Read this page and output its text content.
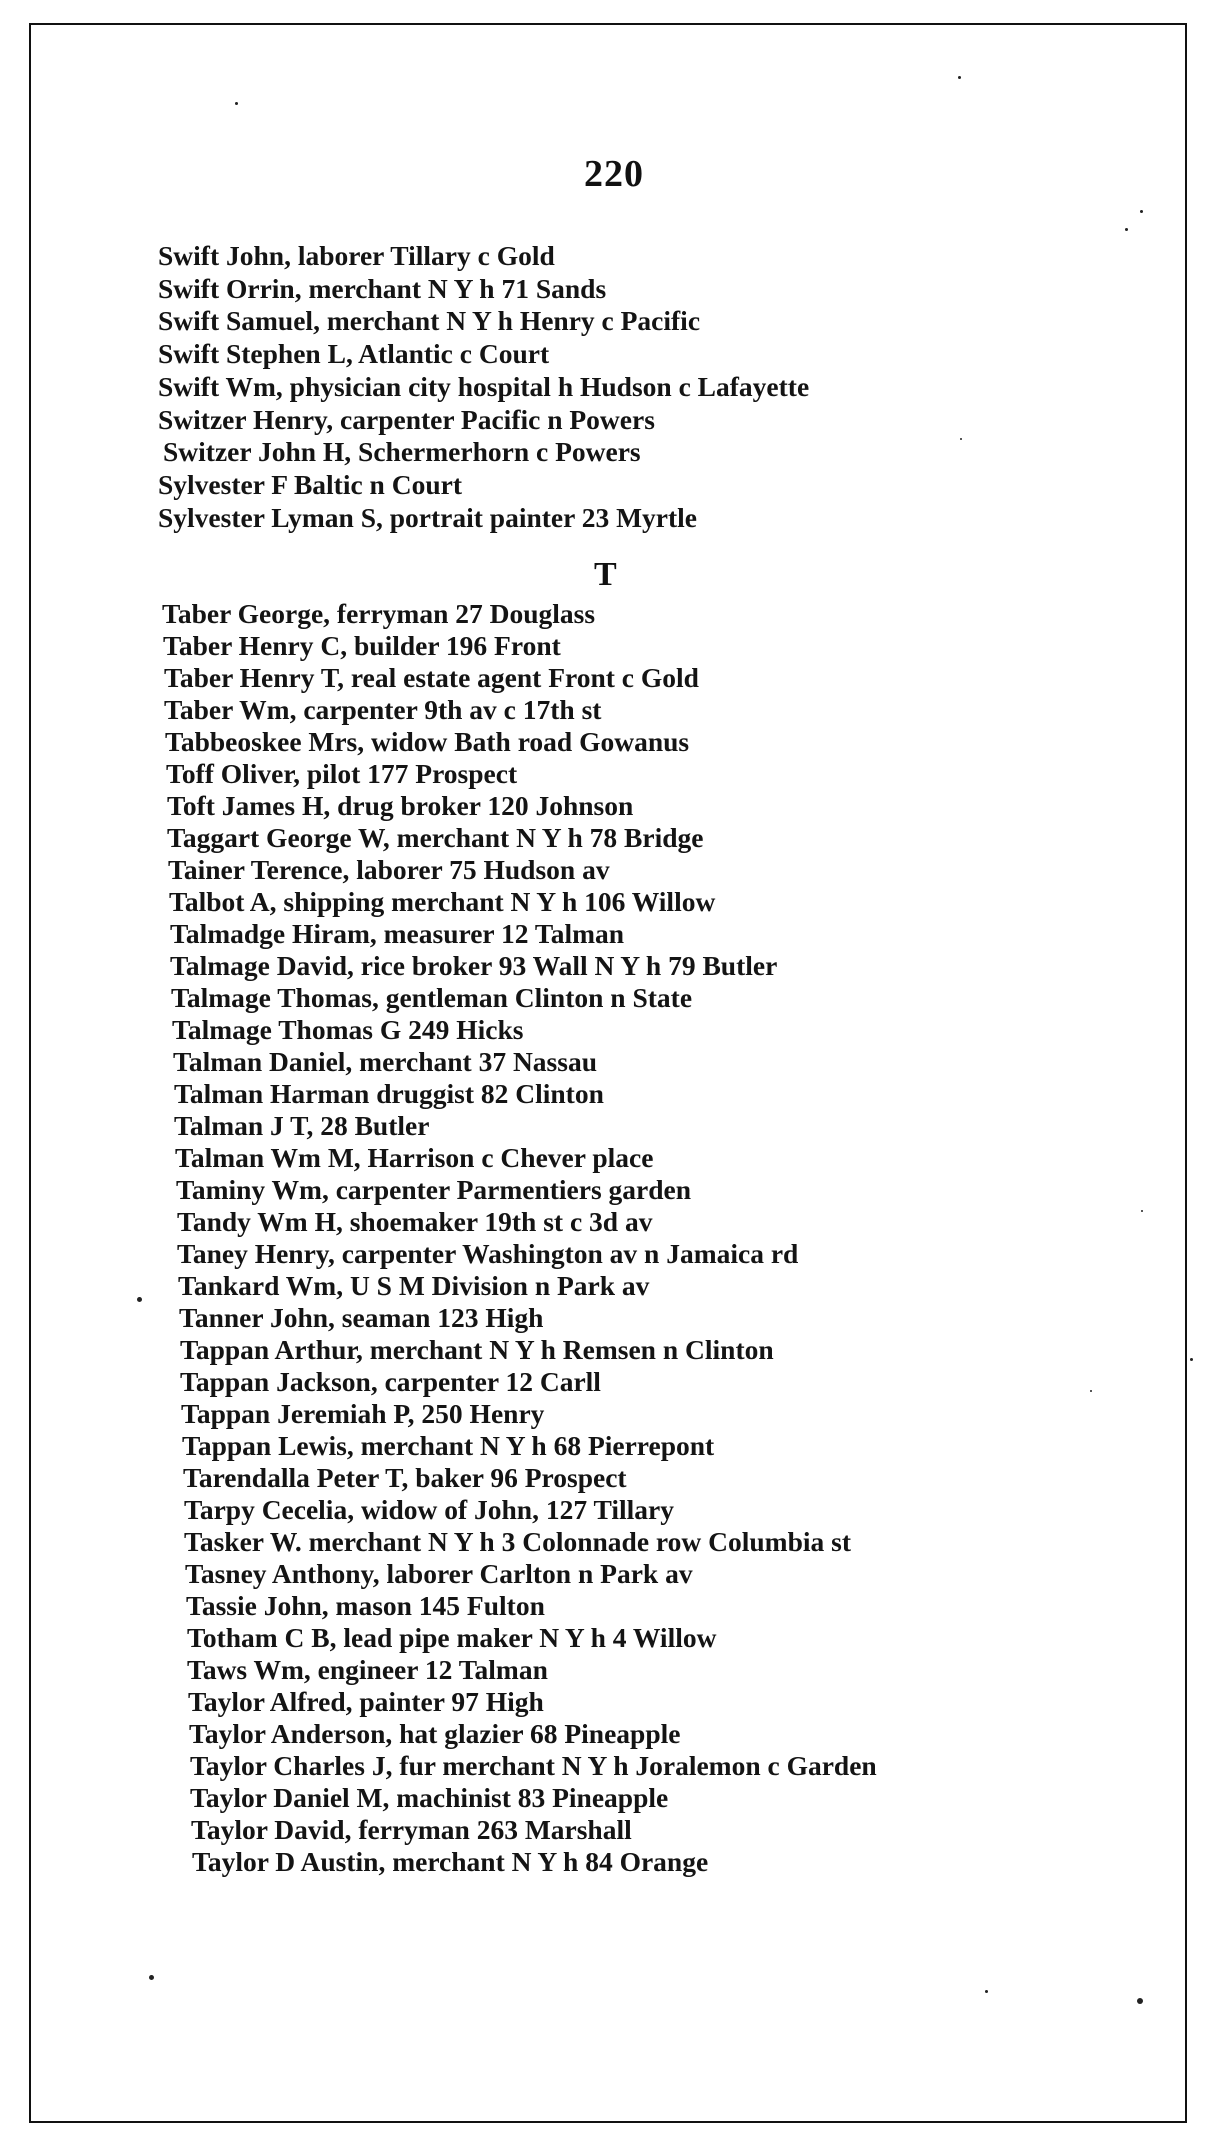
220
T
Swift John, laborer Tillary c Gold
Swift Orrin, merchant N Y h 71 Sands
Swift Samuel, merchant N Y h Henry c Pacific
Swift Stephen L, Atlantic c Court
Swift Wm, physician city hospital h Hudson c Lafayette
Switzer Henry, carpenter Pacific n Powers
Switzer John H, Schermerhorn c Powers
Sylvester F Baltic n Court
Sylvester Lyman S, portrait painter 23 Myrtle
Taber George, ferryman 27 Douglass
Taber Henry C, builder 196 Front
Taber Henry T, real estate agent Front c Gold
Taber Wm, carpenter 9th av c 17th st
Tabbeoskee Mrs, widow Bath road Gowanus
Toff Oliver, pilot 177 Prospect
Toft James H, drug broker 120 Johnson
Taggart George W, merchant N Y h 78 Bridge
Tainer Terence, laborer 75 Hudson av
Talbot A, shipping merchant N Y h 106 Willow
Talmadge Hiram, measurer 12 Talman
Talmage David, rice broker 93 Wall N Y h 79 Butler
Talmage Thomas, gentleman Clinton n State
Talmage Thomas G 249 Hicks
Talman Daniel, merchant 37 Nassau
Talman Harman druggist 82 Clinton
Talman J T, 28 Butler
Talman Wm M, Harrison c Chever place
Taminy Wm, carpenter Parmentiers garden
Tandy Wm H, shoemaker 19th st c 3d av
Taney Henry, carpenter Washington av n Jamaica rd
Tankard Wm, U S M Division n Park av
Tanner John, seaman 123 High
Tappan Arthur, merchant N Y h Remsen n Clinton
Tappan Jackson, carpenter 12 Carll
Tappan Jeremiah P, 250 Henry
Tappan Lewis, merchant N Y h 68 Pierrepont
Tarendalla Peter T, baker 96 Prospect
Tarpy Cecelia, widow of John, 127 Tillary
Tasker W. merchant N Y h 3 Colonnade row Columbia st
Tasney Anthony, laborer Carlton n Park av
Tassie John, mason 145 Fulton
Totham C B, lead pipe maker N Y h 4 Willow
Taws Wm, engineer 12 Talman
Taylor Alfred, painter 97 High
Taylor Anderson, hat glazier 68 Pineapple
Taylor Charles J, fur merchant N Y h Joralemon c Garden
Taylor Daniel M, machinist 83 Pineapple
Taylor David, ferryman 263 Marshall
Taylor D Austin, merchant N Y h 84 Orange
